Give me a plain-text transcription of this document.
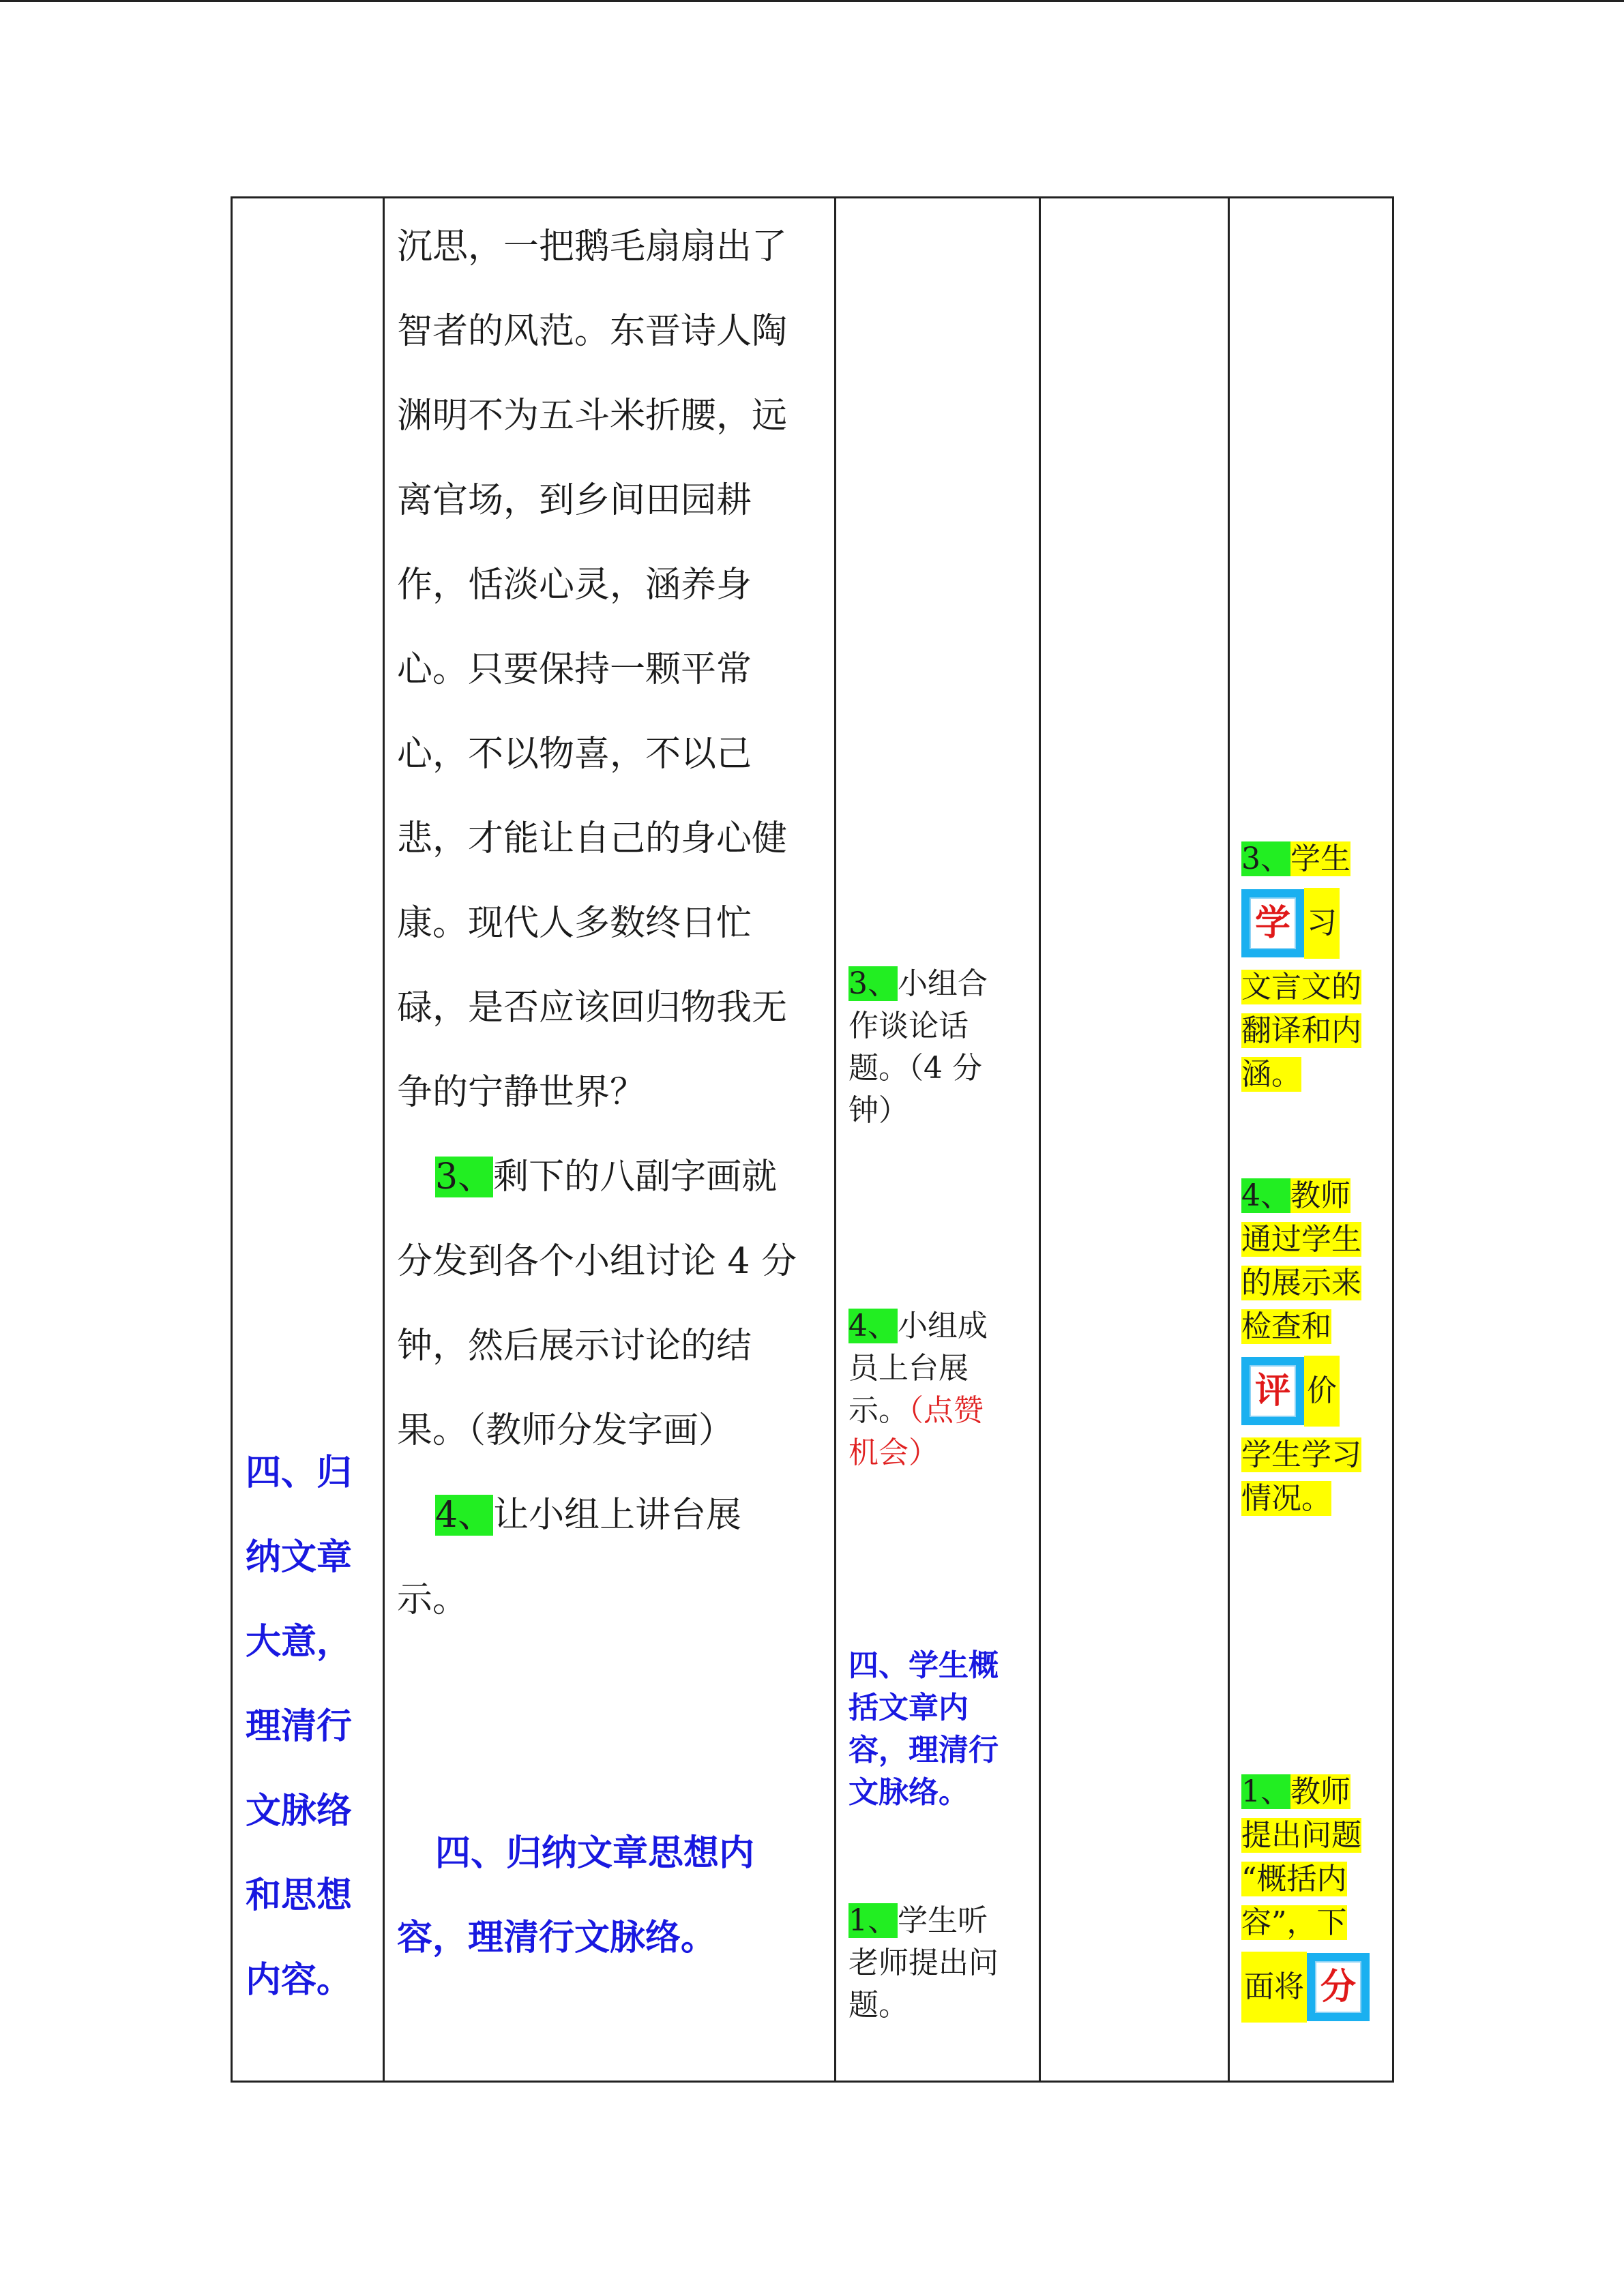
四、归
纳文章
大意，
理清行
文脉络
和思想
内容。
沉思，一把鹅毛扇扇出了
智者的风范。东晋诗人陶
渊明不为五斗米折腰，远
离官场，到乡间田园耕
作，恬淡心灵，涵养身
心。只要保持一颗平常
心，不以物喜，不以己
悲，才能让自己的身心健
康。现代人多数终日忙
碌，是否应该回归物我无
争的宁静世界？
3、剩下的八副字画就
分发到各个小组讨论 4 分
钟，然后展示讨论的结
果。（教师分发字画）
4、让小组上讲台展
示。
四、归纳文章思想内
容，理清行文脉络。
3、小组合
作谈论话
题。（4 分
钟）
4、小组成
员上台展
示。（点赞
机会）
四、学生概
括文章内
容，理清行
文脉络。
1、学生听
老师提出问
题。
3、学生
学 习
文言文的
翻译和内
涵。
4、教师
通过学生
的展示来
检查和
评 价
学生学习
情况。
1、教师
提出问题
“概括内
容”，下
面将 分
